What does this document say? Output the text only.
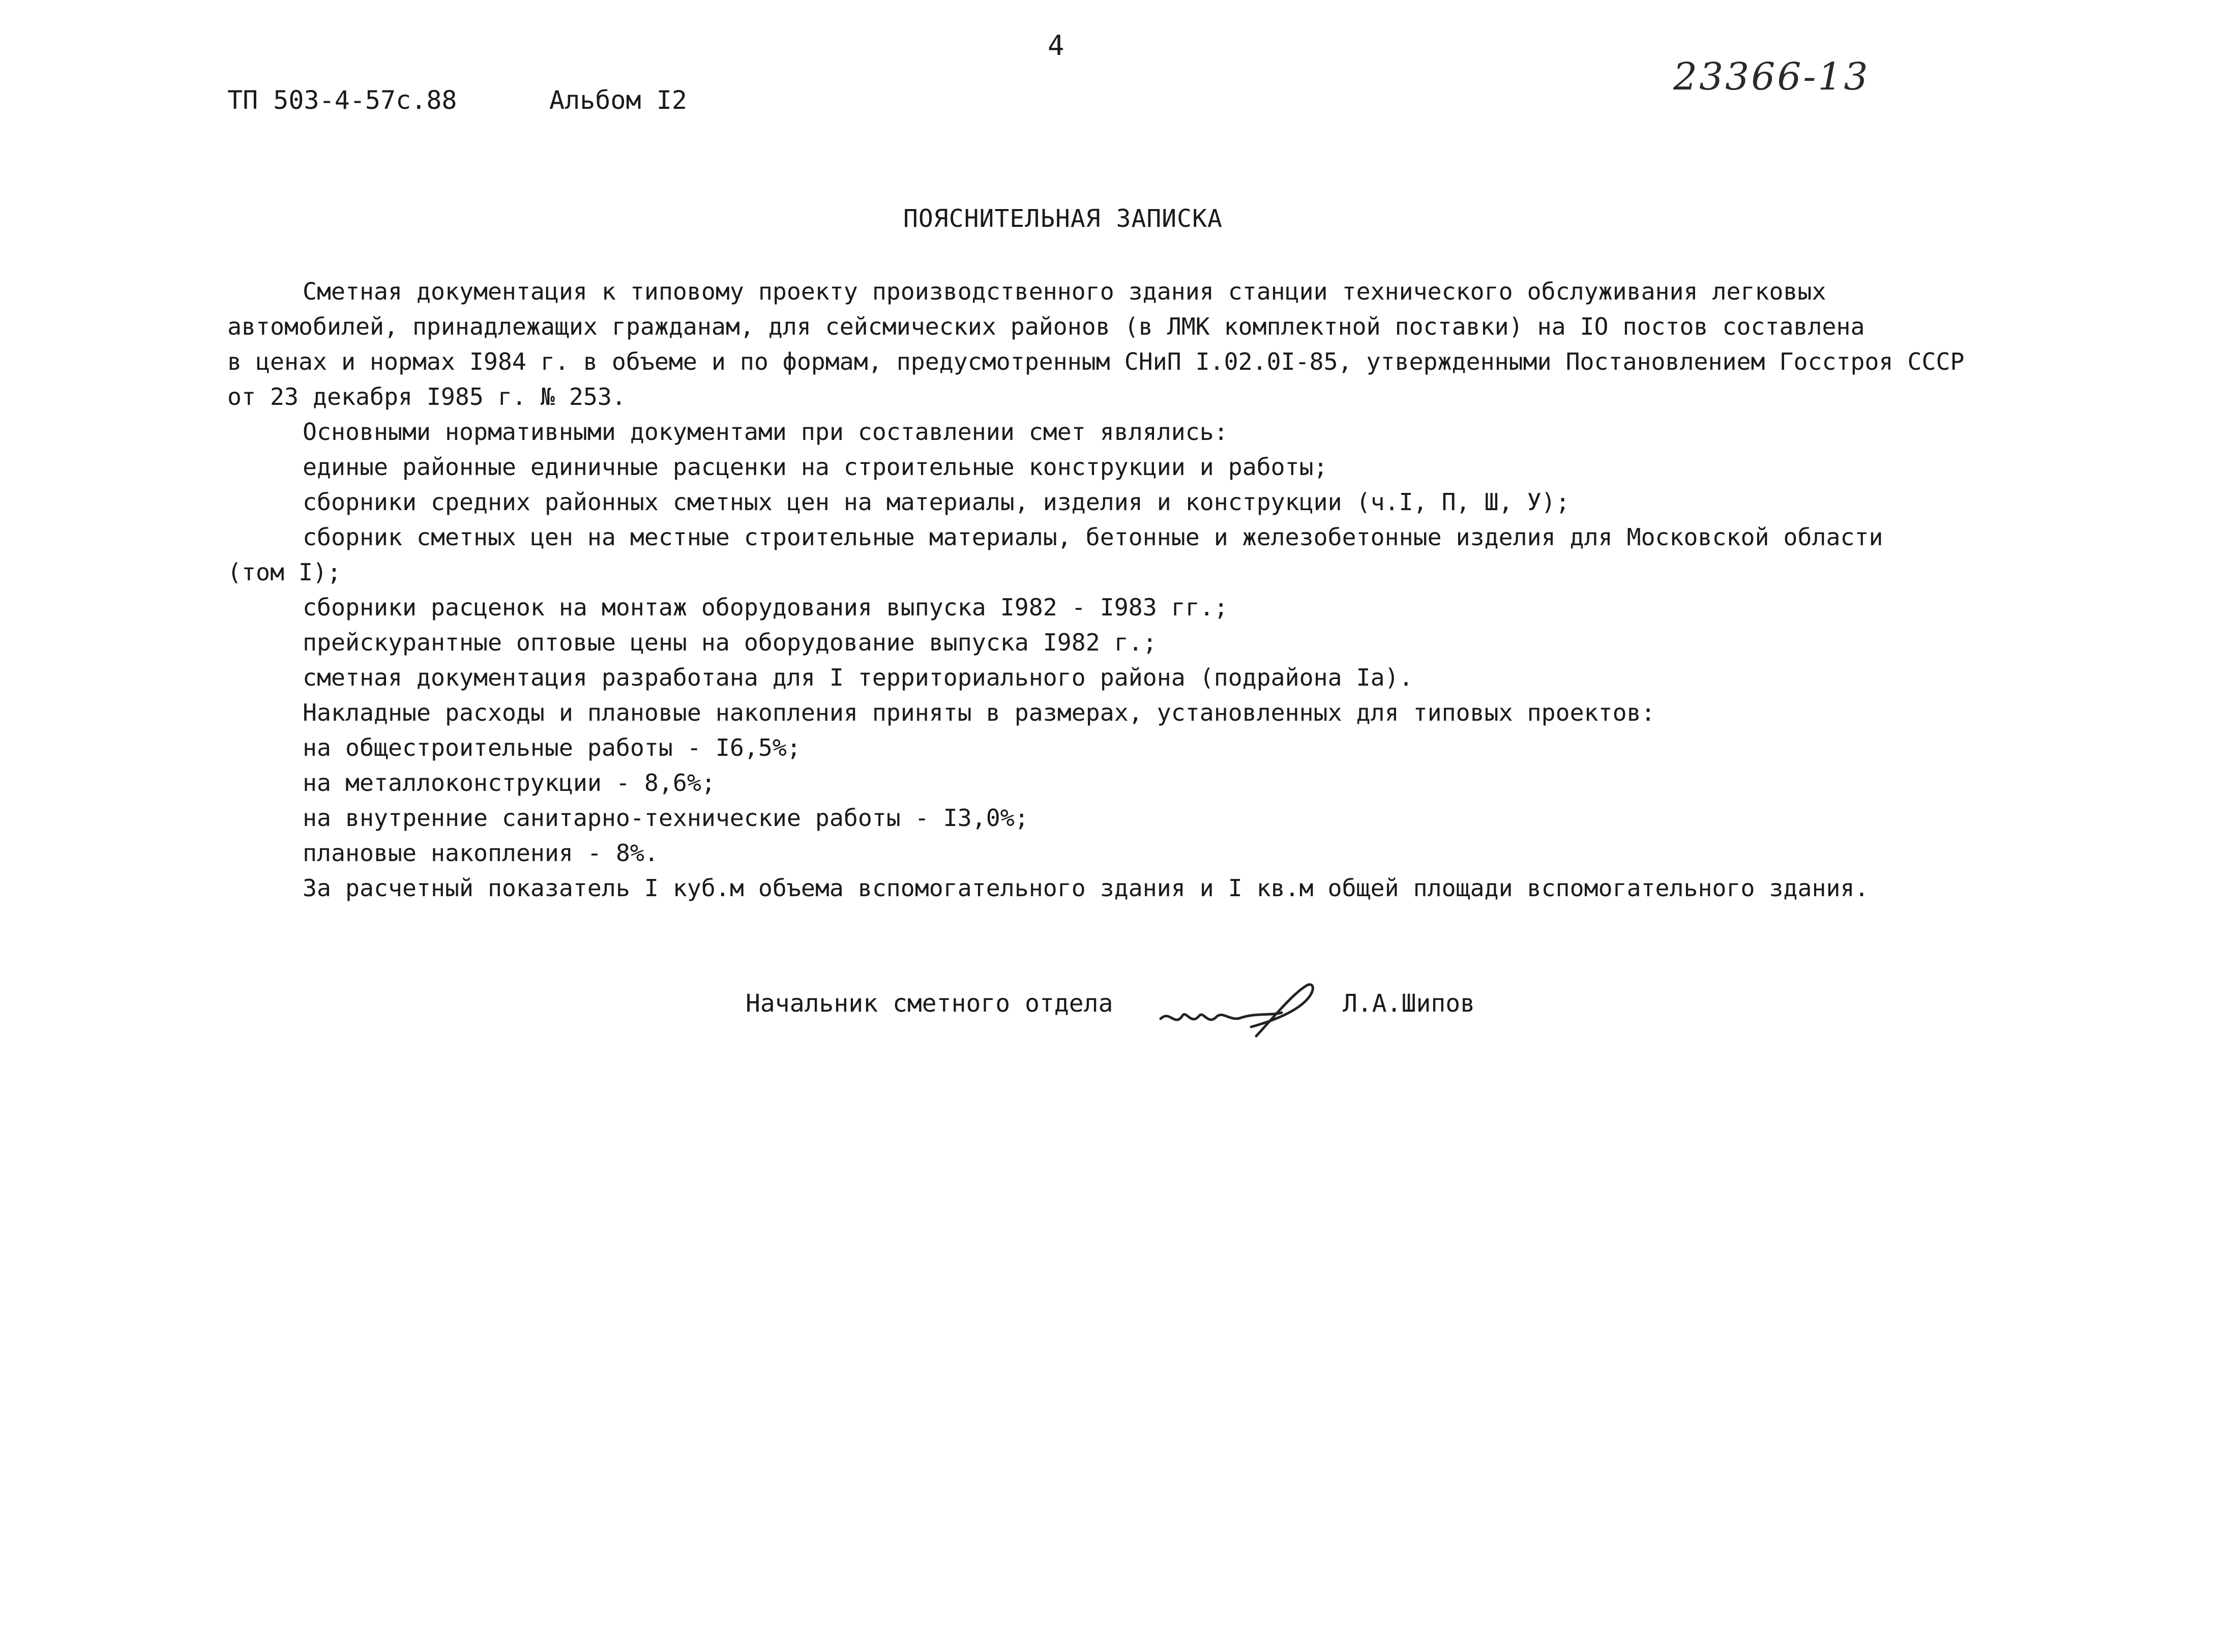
4
ТП 503-4-57с.88	Альбом I2
23366-13
ПОЯСНИТЕЛЬНАЯ ЗАПИСКА
Сметная документация к типовому проекту производственного здания станции технического обслуживания легковых
автомобилей, принадлежащих гражданам, для сейсмических районов (в ЛМК комплектной поставки) на IO постов составлена
в ценах и нормах I984 г. в объеме и по формам, предусмотренным СНиП I.02.0I-85, утвержденными Постановлением Госстроя СССР
от 23 декабря I985 г. № 253.
Основными нормативными документами при составлении смет являлись:
единые районные единичные расценки на строительные конструкции и работы;
сборники средних районных сметных цен на материалы, изделия и конструкции (ч.I, П, Ш, У);
сборник сметных цен на местные строительные материалы, бетонные и железобетонные изделия для Московской области
(том I);
сборники расценок на монтаж оборудования выпуска I982 - I983 гг.;
прейскурантные оптовые цены на оборудование выпуска I982 г.;
сметная документация разработана для I территориального района (подрайона Iа).
Накладные расходы и плановые накопления приняты в размерах, установленных для типовых проектов:
на общестроительные работы - I6,5%;
на металлоконструкции - 8,6%;
на внутренние санитарно-технические работы - I3,0%;
плановые накопления - 8%.
За расчетный показатель I куб.м объема вспомогательного здания и I кв.м общей площади вспомогательного здания.
Начальник сметного отдела	Л.А.Шипов
